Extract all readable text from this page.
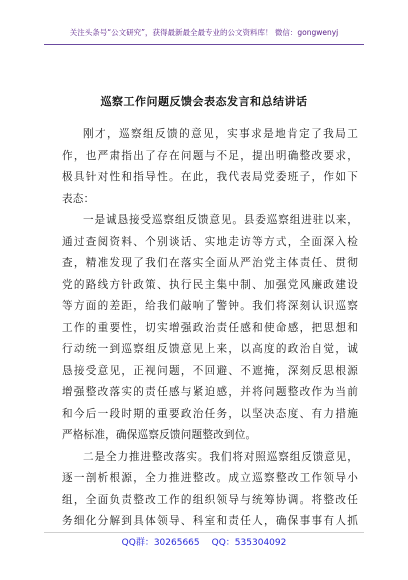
关注头条号“公文研究”，获得最新最全最专业的公文资料库！ 微信：gongwenyj
巡察工作问题反馈会表态发言和总结讲话
刚才，巡察组反馈的意见，实事求是地肯定了我局工
作，也严肃指出了存在问题与不足，提出明确整改要求，
极具针对性和指导性。在此，我代表局党委班子，作如下
表态：
一是诚恳接受巡察组反馈意见。县委巡察组进驻以来，
通过查阅资料、个别谈话、实地走访等方式，全面深入检
查，精准发现了我们在落实全面从严治党主体责任、贯彻
党的路线方针政策、执行民主集中制、加强党风廉政建设
等方面的差距，给我们敲响了警钟。我们将深刻认识巡察
工作的重要性，切实增强政治责任感和使命感，把思想和
行动统一到巡察组反馈意见上来，以高度的政治自觉，诚
恳接受意见，正视问题，不回避、不遮掩，深刻反思根源
增强整改落实的责任感与紧迫感，并将问题整改作为当前
和今后一段时期的重要政治任务，以坚决态度、有力措施
严格标准，确保巡察反馈问题整改到位。
二是全力推进整改落实。我们将对照巡察组反馈意见，
逐一剖析根源，全力推进整改。成立巡察整改工作领导小
组，全面负责整改工作的组织领导与统筹协调。将整改任
务细化分解到具体领导、科室和责任人，确保事事有人抓
QQ群：30265665 QQ：535304092
